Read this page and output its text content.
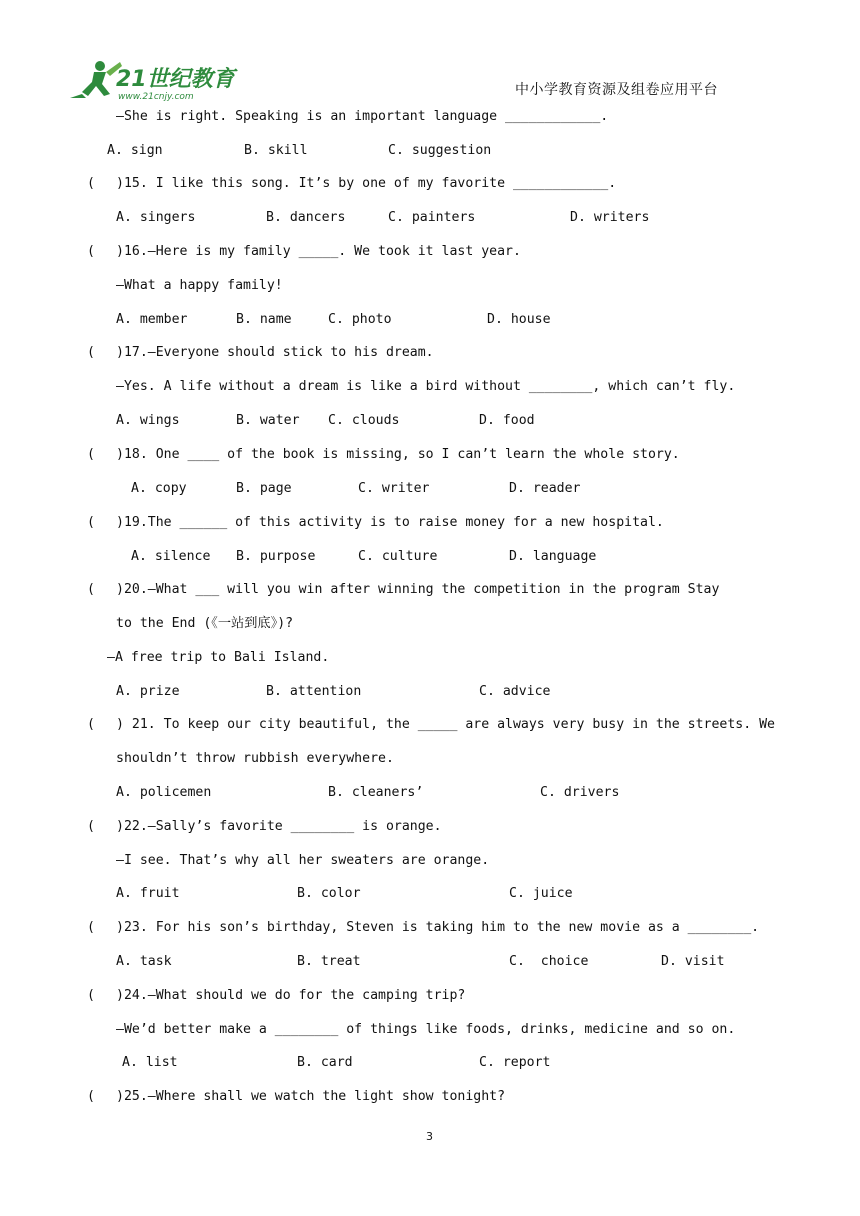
21世纪教育
www.21cnjy.com	中小学教育资源及组卷应用平台
—She is right. Speaking is an important language ____________.
A. sign	B. skill	C. suggestion
( )15. I like this song. It’s by one of my favorite ____________.
A. singers	B. dancers	C. painters	D. writers
( )16.—Here is my family _____. We took it last year.
—What a happy family!
A. member	B. name	C. photo	D. house
( )17.—Everyone should stick to his dream.
—Yes. A life without a dream is like a bird without ________, which can’t fly.
A. wings	B. water C. clouds	D. food
( )18. One ____ of the book is missing, so I can’t learn the whole story.
A. copy	B. page	C. writer	D. reader
( )19.The ______ of this activity is to raise money for a new hospital.
A. silence B. purpose	C. culture	D. language
( )20.—What ___ will you win after winning the competition in the program Stay
to the End (《一站到底》)?
—A free trip to Bali Island.
A. prize	B. attention	C. advice
( ) 21. To keep our city beautiful, the _____ are always very busy in the streets. We
shouldn’t throw rubbish everywhere.
A. policemen	B. cleaners’	C. drivers
( )22.—Sally’s favorite ________ is orange.
—I see. That’s why all her sweaters are orange.
A. fruit	B. color	C. juice
( )23. For his son’s birthday, Steven is taking him to the new movie as a ________.
A. task	B. treat	C.  choice	D. visit
( )24.—What should we do for the camping trip?
—We’d better make a ________ of things like foods, drinks, medicine and so on.
A. list	B. card	C. report
( )25.—Where shall we watch the light show tonight?
3
